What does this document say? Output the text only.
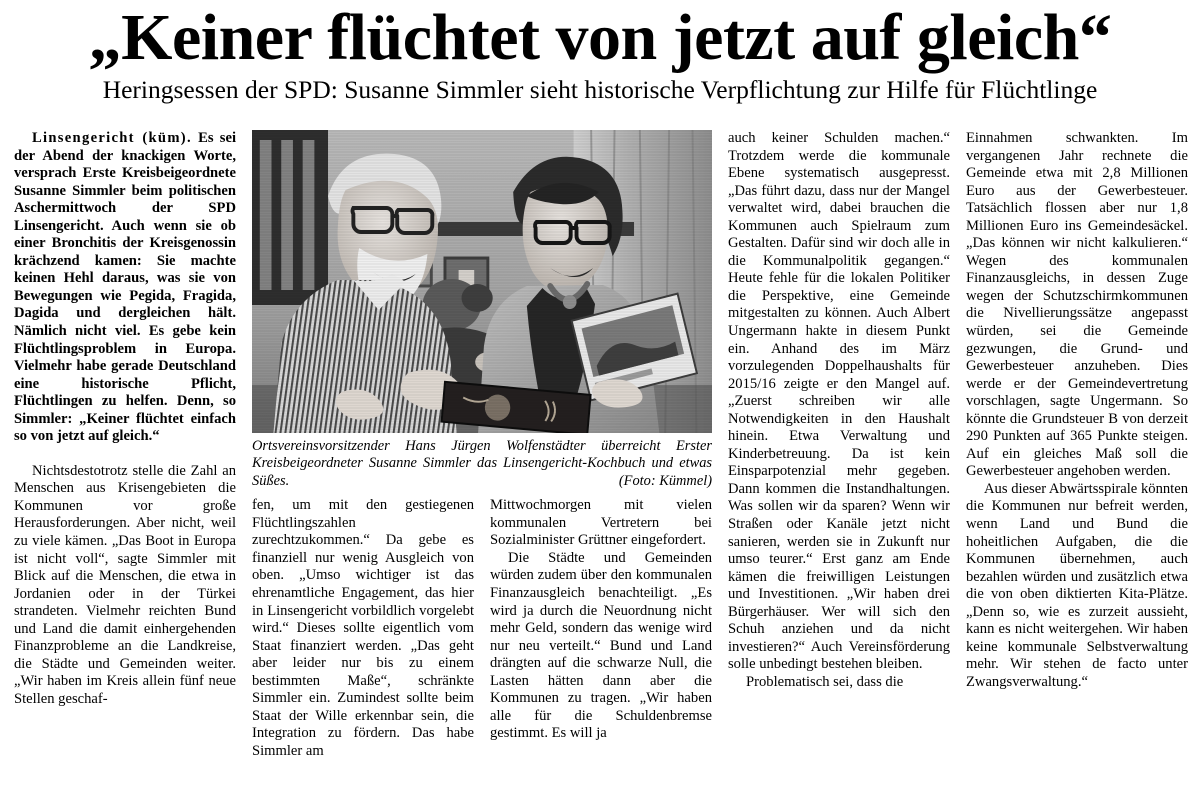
„Keiner flüchtet von jetzt auf gleich“
Heringsessen der SPD: Susanne Simmler sieht historische Verpflichtung zur Hilfe für Flüchtlinge

Linsengericht (küm). Es sei der Abend der knackigen Worte, versprach Erste Kreisbeigeordnete Susanne Simmler beim politischen Aschermittwoch der SPD Linsengericht. Auch wenn sie ob einer Bronchitis der Kreisgenossin krächzend kamen: Sie machte keinen Hehl daraus, was sie von Bewegungen wie Pegida, Fragida, Dagida und dergleichen hält. Nämlich nicht viel. Es gebe kein Flüchtlingsproblem in Europa. Vielmehr habe gerade Deutschland eine historische Pflicht, Flüchtlingen zu helfen. Denn, so Simmler: „Keiner flüchtet einfach so von jetzt auf gleich.“

Nichtsdestotrotz stelle die Zahl an Menschen aus Krisengebieten die Kommunen vor große Herausforderungen. Aber nicht, weil zu viele kämen. „Das Boot in Europa ist nicht voll“, sagte Simmler mit Blick auf die Menschen, die etwa in Jordanien oder in der Türkei strandeten. Vielmehr reichten Bund und Land die damit einhergehenden Finanzprobleme an die Landkreise, die Städte und Gemeinden weiter. „Wir haben im Kreis allein fünf neue Stellen geschaf-

Ortsvereinsvorsitzender Hans Jürgen Wolfenstädter überreicht Erster Kreisbeigeordneter Susanne Simmler das Linsengericht-Kochbuch und etwas Süßes.	(Foto: Kümmel)

fen, um mit den gestiegenen Flüchtlingszahlen zurechtzukommen.“ Da gebe es finanziell nur wenig Ausgleich von oben. „Umso wichtiger ist das ehrenamtliche Engagement, das hier in Linsengericht vorbildlich vorgelebt wird.“ Dieses sollte eigentlich vom Staat finanziert werden. „Das geht aber leider nur bis zu einem bestimmten Maße“, schränkte Simmler ein. Zumindest sollte beim Staat der Wille erkennbar sein, die Integration zu fördern. Das habe Simmler am

Mittwochmorgen mit vielen kommunalen Vertretern bei Sozialminister Grüttner eingefordert.

Die Städte und Gemeinden würden zudem über den kommunalen Finanzausgleich benachteiligt. „Es wird ja durch die Neuordnung nicht mehr Geld, sondern das wenige wird nur neu verteilt.“ Bund und Land drängten auf die schwarze Null, die Lasten hätten dann aber die Kommunen zu tragen. „Wir haben alle für die Schuldenbremse gestimmt. Es will ja

auch keiner Schulden machen.“ Trotzdem werde die kommunale Ebene systematisch ausgepresst. „Das führt dazu, dass nur der Mangel verwaltet wird, dabei brauchen die Kommunen auch Spielraum zum Gestalten. Dafür sind wir doch alle in die Kommunalpolitik gegangen.“ Heute fehle für die lokalen Politiker die Perspektive, eine Gemeinde mitgestalten zu können. Auch Albert Ungermann hakte in diesem Punkt ein. Anhand des im März vorzulegenden Doppelhaushalts für 2015/16 zeigte er den Mangel auf. „Zuerst schreiben wir alle Notwendigkeiten in den Haushalt hinein. Etwa Verwaltung und Kinderbetreuung. Da ist kein Einsparpotenzial mehr gegeben. Dann kommen die Instandhaltungen. Was sollen wir da sparen? Wenn wir Straßen oder Kanäle jetzt nicht sanieren, werden sie in Zukunft nur umso teurer.“ Erst ganz am Ende kämen die freiwilligen Leistungen und Investitionen. „Wir haben drei Bürgerhäuser. Wer will sich den Schuh anziehen und da nicht investieren?“ Auch Vereinsförderung solle unbedingt bestehen bleiben.

Problematisch sei, dass die

Einnahmen schwankten. Im vergangenen Jahr rechnete die Gemeinde etwa mit 2,8 Millionen Euro aus der Gewerbesteuer. Tatsächlich flossen aber nur 1,8 Millionen Euro ins Gemeindesäckel. „Das können wir nicht kalkulieren.“ Wegen des kommunalen Finanzausgleichs, in dessen Zuge wegen der Schutzschirmkommunen die Nivellierungssätze angepasst würden, sei die Gemeinde gezwungen, die Grund- und Gewerbesteuer anzuheben. Dies werde er der Gemeindevertretung vorschlagen, sagte Ungermann. So könnte die Grundsteuer B von derzeit 290 Punkten auf 365 Punkte steigen. Auf ein gleiches Maß soll die Gewerbesteuer angehoben werden.

Aus dieser Abwärtsspirale könnten die Kommunen nur befreit werden, wenn Land und Bund die hoheitlichen Aufgaben, die die Kommunen übernehmen, auch bezahlen würden und zusätzlich etwa die von oben diktierten Kita-Plätze. „Denn so, wie es zurzeit aussieht, kann es nicht weitergehen. Wir haben keine kommunale Selbstverwaltung mehr. Wir stehen de facto unter Zwangsverwaltung.“
